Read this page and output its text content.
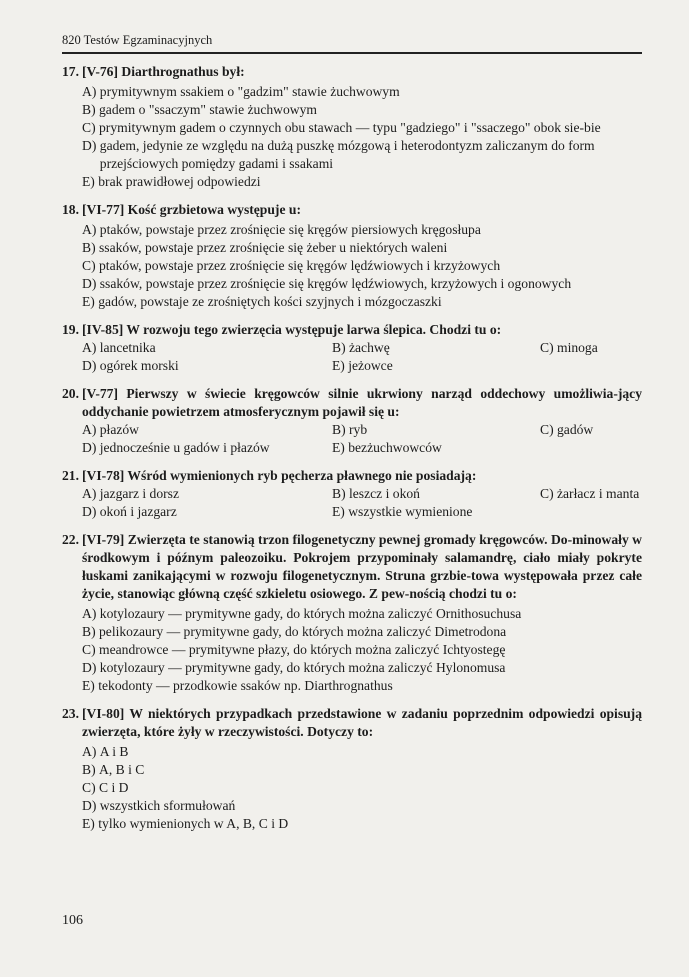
820 Testów Egzaminacyjnych
17. [V-76] Diarthrognathus był:
A)
prymitywnym ssakiem o "gadzim" stawie żuchwowym
B)
gadem o "ssaczym" stawie żuchwowym
C)
prymitywnym gadem o czynnych obu stawach — typu "gadziego" i "ssaczego" obok sie-bie
D)
gadem, jedynie ze względu na dużą puszkę mózgową i heterodontyzm zaliczanym do form przejściowych pomiędzy gadami i ssakami
E)
brak prawidłowej odpowiedzi
18. [VI-77] Kość grzbietowa występuje u:
A)
ptaków, powstaje przez zrośnięcie się kręgów piersiowych kręgosłupa
B)
ssaków, powstaje przez zrośnięcie się żeber u niektórych waleni
C)
ptaków, powstaje przez zrośnięcie się kręgów lędźwiowych i krzyżowych
D)
ssaków, powstaje przez zrośnięcie się kręgów lędźwiowych, krzyżowych i ogonowych
E)
gadów, powstaje ze zrośniętych kości szyjnych i mózgoczaszki
19. [IV-85] W rozwoju tego zwierzęcia występuje larwa ślepica. Chodzi tu o:
A) lancetnika	B) żachwę	C) minoga
D) ogórek morski	E) jeżowce
20. [V-77] Pierwszy w świecie kręgowców silnie ukrwiony narząd oddechowy umożliwia-jący oddychanie powietrzem atmosferycznym pojawił się u:
A) płazów	B) ryb	C) gadów
D) jednocześnie u gadów i płazów	E) bezżuchwowców
21. [VI-78] Wśród wymienionych ryb pęcherza pławnego nie posiadają:
A) jazgarz i dorsz	B) leszcz i okoń	C) żarłacz i manta
D) okoń i jazgarz	E) wszystkie wymienione
22. [VI-79] Zwierzęta te stanowią trzon filogenetyczny pewnej gromady kręgowców. Do-minowały w środkowym i późnym paleozoiku. Pokrojem przypominały salamandrę, ciało miały pokryte łuskami zanikającymi w rozwoju filogenetycznym. Struna grzbie-towa występowała przez całe życie, stanowiąc główną część szkieletu osiowego. Z pew-nością chodzi tu o:
A)
kotylozaury — prymitywne gady, do których można zaliczyć Ornithosuchusa
B)
pelikozaury — prymitywne gady, do których można zaliczyć Dimetrodona
C)
meandrowce — prymitywne płazy, do których można zaliczyć Ichtyostegę
D)
kotylozaury — prymitywne gady, do których można zaliczyć Hylonomusa
E)
tekodonty — przodkowie ssaków np. Diarthrognathus
23. [VI-80] W niektórych przypadkach przedstawione w zadaniu poprzednim odpowiedzi opisują zwierzęta, które żyły w rzeczywistości. Dotyczy to:
A)
A i B
B)
A, B i C
C)
C i D
D)
wszystkich sformułowań
E)
tylko wymienionych w A, B, C i D
106
